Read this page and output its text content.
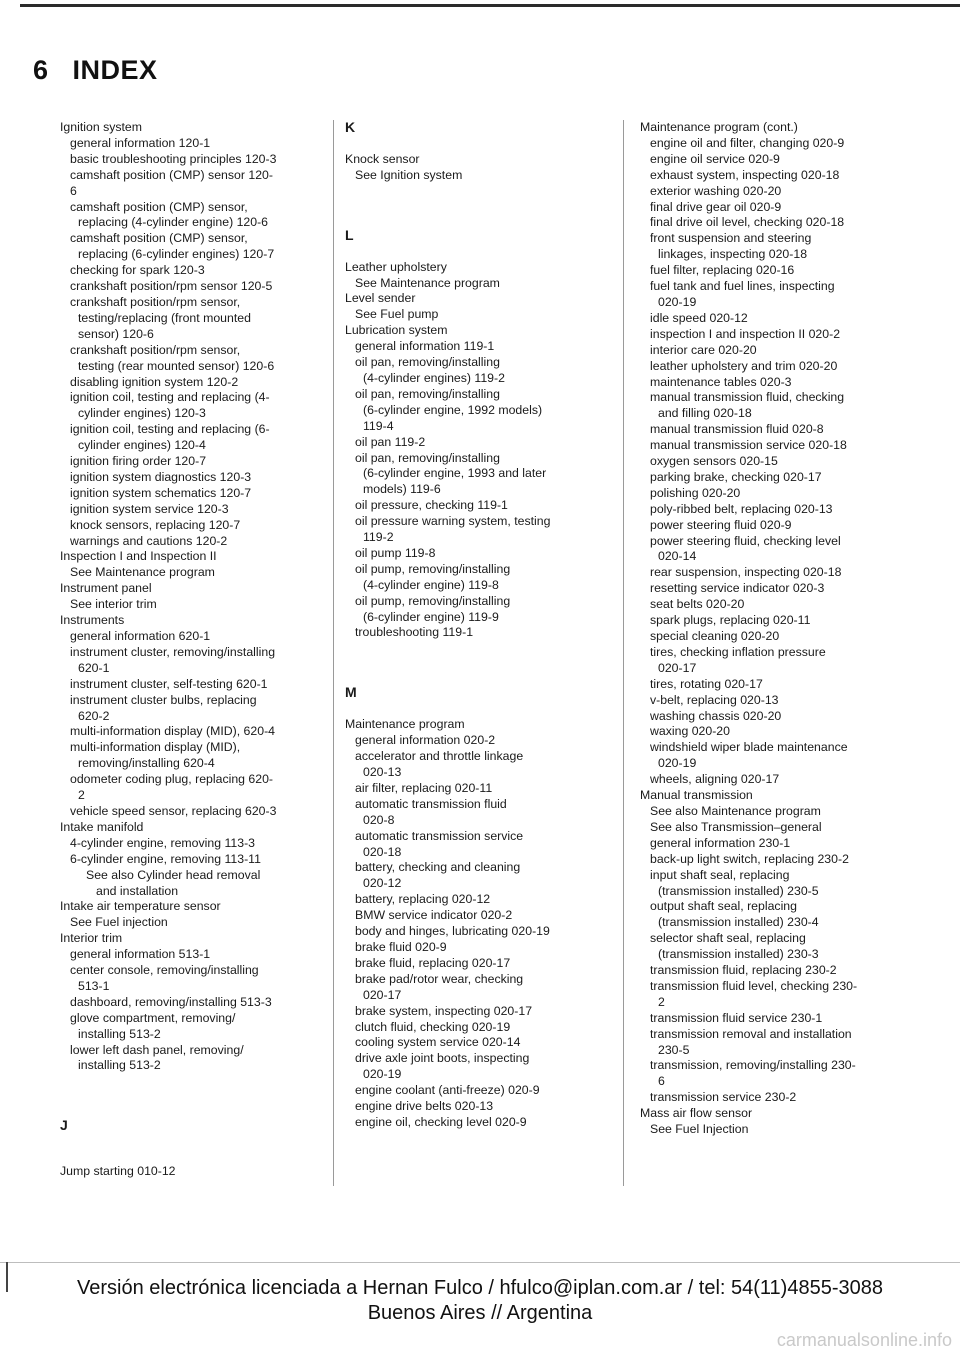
6 INDEX
Ignition system
general information 120-1
basic troubleshooting principles 120-3
camshaft position (CMP) sensor 120-
6
camshaft position (CMP) sensor,
replacing (4-cylinder engine) 120-6
camshaft position (CMP) sensor,
replacing (6-cylinder engines) 120-7
checking for spark 120-3
crankshaft position/rpm sensor 120-5
crankshaft position/rpm sensor,
testing/replacing (front mounted
sensor) 120-6
crankshaft position/rpm sensor,
testing (rear mounted sensor) 120-6
disabling ignition system 120-2
ignition coil, testing and replacing (4-
cylinder engines) 120-3
ignition coil, testing and replacing (6-
cylinder engines) 120-4
ignition firing order 120-7
ignition system diagnostics 120-3
ignition system schematics 120-7
ignition system service 120-3
knock sensors, replacing 120-7
warnings and cautions 120-2
Inspection I and Inspection II
See Maintenance program
Instrument panel
See interior trim
Instruments
general information 620-1
instrument cluster, removing/installing
620-1
instrument cluster, self-testing 620-1
instrument cluster bulbs, replacing
620-2
multi-information display (MID), 620-4
multi-information display (MID),
removing/installing 620-4
odometer coding plug, replacing 620-
2
vehicle speed sensor, replacing 620-3
Intake manifold
4-cylinder engine, removing 113-3
6-cylinder engine, removing 113-11
See also Cylinder head removal
and installation
Intake air temperature sensor
See Fuel injection
Interior trim
general information 513-1
center console, removing/installing
513-1
dashboard, removing/installing 513-3
glove compartment, removing/
installing 513-2
lower left dash panel, removing/
installing 513-2
J
Jump starting 010-12
K
Knock sensor
See Ignition system
L
Leather upholstery
See Maintenance program
Level sender
See Fuel pump
Lubrication system
general information 119-1
oil pan, removing/installing
(4-cylinder engines) 119-2
oil pan, removing/installing
(6-cylinder engine, 1992 models)
119-4
oil pan 119-2
oil pan, removing/installing
(6-cylinder engine, 1993 and later
models) 119-6
oil pressure, checking 119-1
oil pressure warning system, testing
119-2
oil pump 119-8
oil pump, removing/installing
(4-cylinder engine) 119-8
oil pump, removing/installing
(6-cylinder engine) 119-9
troubleshooting 119-1
M
Maintenance program
general information 020-2
accelerator and throttle linkage
020-13
air filter, replacing 020-11
automatic transmission fluid
020-8
automatic transmission service
020-18
battery, checking and cleaning
020-12
battery, replacing 020-12
BMW service indicator 020-2
body and hinges, lubricating 020-19
brake fluid 020-9
brake fluid, replacing 020-17
brake pad/rotor wear, checking
020-17
brake system, inspecting 020-17
clutch fluid, checking 020-19
cooling system service 020-14
drive axle joint boots, inspecting
020-19
engine coolant (anti-freeze) 020-9
engine drive belts 020-13
engine oil, checking level 020-9
Maintenance program (cont.)
engine oil and filter, changing 020-9
engine oil service 020-9
exhaust system, inspecting 020-18
exterior washing 020-20
final drive gear oil 020-9
final drive oil level, checking 020-18
front suspension and steering
linkages, inspecting 020-18
fuel filter, replacing 020-16
fuel tank and fuel lines, inspecting
020-19
idle speed 020-12
inspection I and inspection II 020-2
interior care 020-20
leather upholstery and trim 020-20
maintenance tables 020-3
manual transmission fluid, checking
and filling 020-18
manual transmission fluid 020-8
manual transmission service 020-18
oxygen sensors 020-15
parking brake, checking 020-17
polishing 020-20
poly-ribbed belt, replacing 020-13
power steering fluid 020-9
power steering fluid, checking level
020-14
rear suspension, inspecting 020-18
resetting service indicator 020-3
seat belts 020-20
spark plugs, replacing 020-11
special cleaning 020-20
tires, checking inflation pressure
020-17
tires, rotating 020-17
v-belt, replacing 020-13
washing chassis 020-20
waxing 020-20
windshield wiper blade maintenance
020-19
wheels, aligning 020-17
Manual transmission
See also Maintenance program
See also Transmission–general
general information 230-1
back-up light switch, replacing 230-2
input shaft seal, replacing
(transmission installed) 230-5
output shaft seal, replacing
(transmission installed) 230-4
selector shaft seal, replacing
(transmission installed) 230-3
transmission fluid, replacing 230-2
transmission fluid level, checking 230-
2
transmission fluid service 230-1
transmission removal and installation
230-5
transmission, removing/installing 230-
6
transmission service 230-2
Mass air flow sensor
See Fuel Injection
Versión electrónica licenciada a Hernan Fulco / hfulco@iplan.com.ar / tel: 54(11)4855-3088
Buenos Aires // Argentina
carmanualsonline.info
